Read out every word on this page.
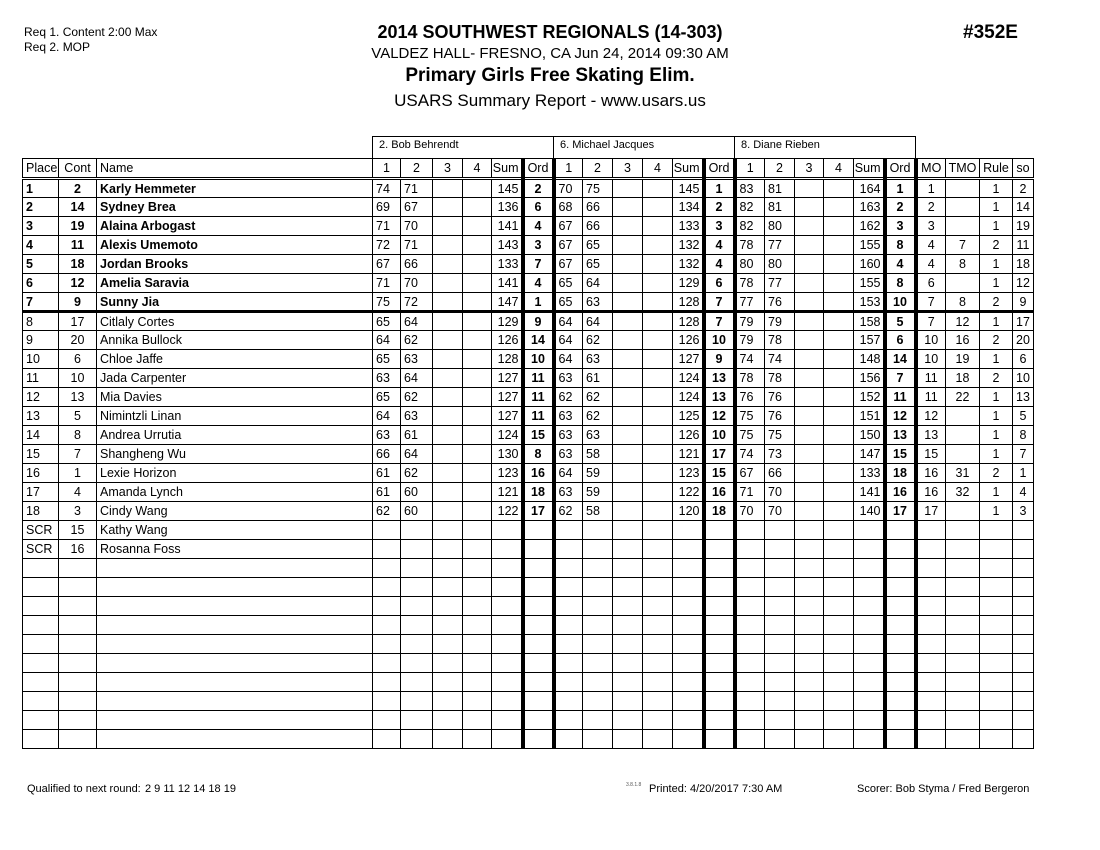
Req 1. Content 2:00 Max
Req 2. MOP
2014 SOUTHWEST REGIONALS (14-303)
VALDEZ HALL- FRESNO, CA Jun 24, 2014 09:30 AM
Primary Girls Free Skating Elim.
USARS Summary Report - www.usars.us
#352E
2. Bob Behrendt	6. Michael Jacques	8. Diane Rieben
Place	Cont	Name	1	2	3	4	Sum	Ord	1	2	3	4	Sum	Ord	1	2	3	4	Sum	Ord	MO	TMO	Rule	so
1	2	Karly Hemmeter	74	71			145	2	70	75			145	1	83	81			164	1	1		1	2
2	14	Sydney Brea	69	67			136	6	68	66			134	2	82	81			163	2	2		1	14
3	19	Alaina Arbogast	71	70			141	4	67	66			133	3	82	80			162	3	3		1	19
4	11	Alexis Umemoto	72	71			143	3	67	65			132	4	78	77			155	8	4	7	2	11
5	18	Jordan Brooks	67	66			133	7	67	65			132	4	80	80			160	4	4	8	1	18
6	12	Amelia Saravia	71	70			141	4	65	64			129	6	78	77			155	8	6		1	12
7	9	Sunny Jia	75	72			147	1	65	63			128	7	77	76			153	10	7	8	2	9
8	17	Citlaly Cortes	65	64			129	9	64	64			128	7	79	79			158	5	7	12	1	17
9	20	Annika Bullock	64	62			126	14	64	62			126	10	79	78			157	6	10	16	2	20
10	6	Chloe Jaffe	65	63			128	10	64	63			127	9	74	74			148	14	10	19	1	6
11	10	Jada Carpenter	63	64			127	11	63	61			124	13	78	78			156	7	11	18	2	10
12	13	Mia Davies	65	62			127	11	62	62			124	13	76	76			152	11	11	22	1	13
13	5	Nimintzli Linan	64	63			127	11	63	62			125	12	75	76			151	12	12		1	5
14	8	Andrea Urrutia	63	61			124	15	63	63			126	10	75	75			150	13	13		1	8
15	7	Shangheng Wu	66	64			130	8	63	58			121	17	74	73			147	15	15		1	7
16	1	Lexie Horizon	61	62			123	16	64	59			123	15	67	66			133	18	16	31	2	1
17	4	Amanda Lynch	61	60			121	18	63	59			122	16	71	70			141	16	16	32	1	4
18	3	Cindy Wang	62	60			122	17	62	58			120	18	70	70			140	17	17		1	3
SCR	15	Kathy Wang																						
SCR	16	Rosanna Foss																						

Qualified to next round: 2 9 11 12 14 18 19	3.8.1.8 Printed: 4/20/2017 7:30 AM	Scorer: Bob Styma / Fred Bergeron
